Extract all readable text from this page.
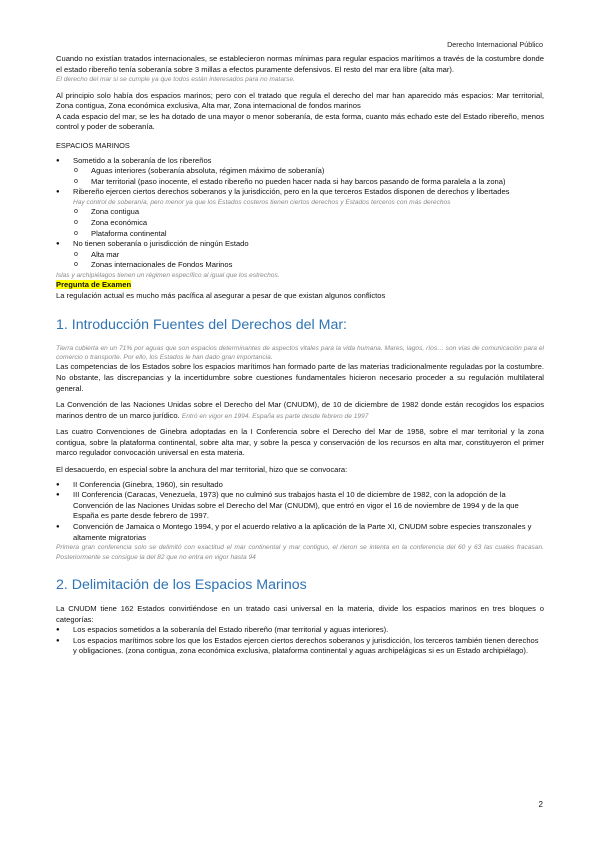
Derecho Internacional Público

Cuando no existían tratados internacionales, se establecieron normas mínimas para regular espacios marítimos a través de la costumbre donde el estado ribereño tenía soberanía sobre 3 millas a efectos puramente defensivos. El resto del mar era libre (alta mar).

El derecho del mar si se cumple ya que todos están interesados para no matarse.

Al principio solo había dos espacios marinos; pero con el tratado que regula el derecho del mar han aparecido más espacios: Mar territorial, Zona contigua, Zona económica exclusiva, Alta mar, Zona internacional de fondos marinos

A cada espacio del mar, se les ha dotado de una mayor o menor soberanía, de esta forma, cuanto más echado este del Estado ribereño, menos control y poder de soberanía.

ESPACIOS MARINOS

● Sometido a la soberanía de los ribereños
o Aguas interiores (soberanía absoluta, régimen máximo de soberanía)
o Mar territorial (paso inocente, el estado ribereño no pueden hacer nada si hay barcos pasando de forma paralela a la zona)
● Ribereño ejercen ciertos derechos soberanos y la jurisdicción, pero en la que terceros Estados disponen de derechos y libertades

Hay control de soberanía, pero menor ya que los Estados costeros tienen ciertos derechos y Estados terceros con más derechos

o Zona contigua
o Zona económica
o Plataforma continental
● No tienen soberanía o jurisdicción de ningún Estado
o Alta mar
o Zonas internacionales de Fondos Marinos

Islas y archipiélagos tienen un régimen específico al igual que los estrechos.

Pregunta de Examen

La regulación actual es mucho más pacífica al asegurar a pesar de que existan algunos conflictos

1. Introducción Fuentes del Derechos del Mar:

Tierra cubierta en un 71% por aguas que son espacios determinantes de aspectos vitales para la vida humana. Mares, lagos, ríos… son vías de comunicación para el comercio o transporte. Por ello, los Estados le han dado gran importancia.

Las competencias de los Estados sobre los espacios marítimos han formado parte de las materias tradicionalmente reguladas por la costumbre. No obstante, las discrepancias y la incertidumbre sobre cuestiones fundamentales hicieron necesario proceder a su regulación multilateral general.

La Convención de las Naciones Unidas sobre el Derecho del Mar (CNUDM), de 10 de diciembre de 1982 donde están recogidos los espacios marinos dentro de un marco jurídico. Entró en vigor en 1994. España es parte desde febrero de 1997

Las cuatro Convenciones de Ginebra adoptadas en la I Conferencia sobre el Derecho del Mar de 1958, sobre el mar territorial y la zona contigua, sobre la plataforma continental, sobre alta mar, y sobre la pesca y conservación de los recursos en alta mar, constituyeron el primer marco regulador convocación universal en esta materia.

El desacuerdo, en especial sobre la anchura del mar territorial, hizo que se convocara:

● II Conferencia (Ginebra, 1960), sin resultado
● III Conferencia (Caracas, Venezuela, 1973) que no culminó sus trabajos hasta el 10 de diciembre de 1982, con la adopción de la Convención de las Naciones Unidas sobre el Derecho del Mar (CNUDM), que entró en vigor el 16 de noviembre de 1994 y de la que España es parte desde febrero de 1997.
● Convención de Jamaica o Montego 1994, y por el acuerdo relativo a la aplicación de la Parte XI, CNUDM sobre especies transzonales y altamente migratorias

Primera gran conferencia solo se delimitó con exactitud el mar continental y mar contiguo, el rieron se intenta en la conferencia del 60 y 63 las cuales fracasan. Posteriormente se consigue la del 82 que no entra en vigor hasta 94

2. Delimitación de los Espacios Marinos

La CNUDM tiene 162 Estados convirtiéndose en un tratado casi universal en la materia, divide los espacios marinos en tres bloques o categorías:

● Los espacios sometidos a la soberanía del Estado ribereño (mar territorial y aguas interiores).
● Los espacios marítimos sobre los que los Estados ejercen ciertos derechos soberanos y jurisdicción, los terceros también tienen derechos y obligaciones. (zona contigua, zona económica exclusiva, plataforma continental y aguas archipelágicas si es un Estado archipiélago).
2
